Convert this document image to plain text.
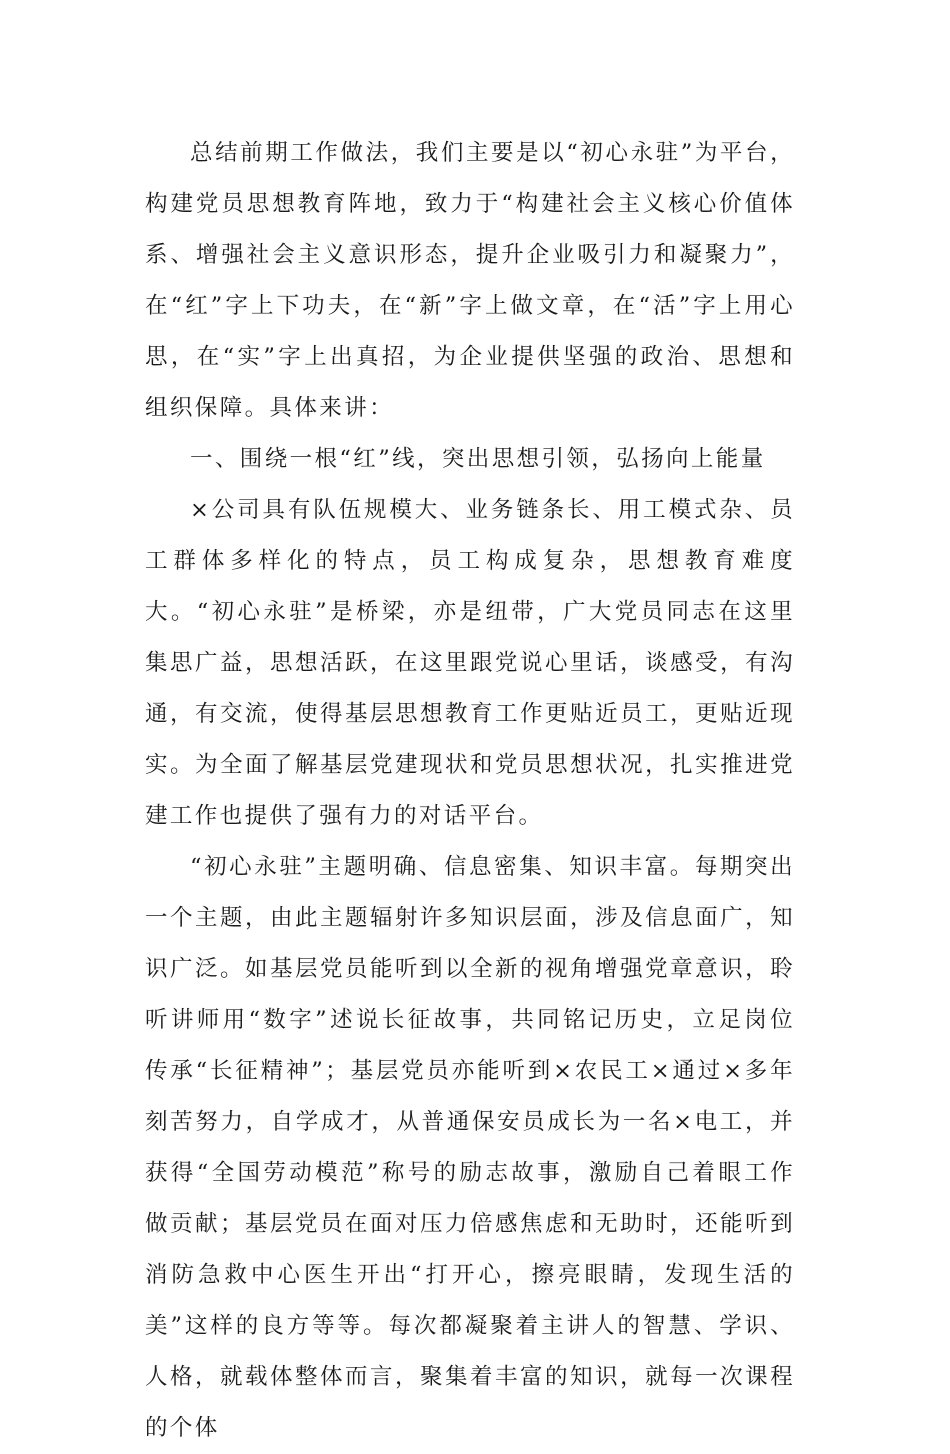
总结前期工作做法，我们主要是以“初心永驻”为平台，构建党员思想教育阵地，致力于“构建社会主义核心价值体系、增强社会主义意识形态，提升企业吸引力和凝聚力”，在“红”字上下功夫，在“新”字上做文章，在“活”字上用心思，在“实”字上出真招，为企业提供坚强的政治、思想和组织保障。具体来讲：

一、围绕一根“红”线，突出思想引领，弘扬向上能量

×公司具有队伍规模大、业务链条长、用工模式杂、员工群体多样化的特点，员工构成复杂，思想教育难度大。“初心永驻”是桥梁，亦是纽带，广大党员同志在这里集思广益，思想活跃，在这里跟党说心里话，谈感受，有沟通，有交流，使得基层思想教育工作更贴近员工，更贴近现实。为全面了解基层党建现状和党员思想状况，扎实推进党建工作也提供了强有力的对话平台。

“初心永驻”主题明确、信息密集、知识丰富。每期突出一个主题，由此主题辐射许多知识层面，涉及信息面广，知识广泛。如基层党员能听到以全新的视角增强党章意识，聆听讲师用“数字”述说长征故事，共同铭记历史，立足岗位传承“长征精神”；基层党员亦能听到×农民工×通过×多年刻苦努力，自学成才，从普通保安员成长为一名×电工，并获得“全国劳动模范”称号的励志故事，激励自己着眼工作做贡献；基层党员在面对压力倍感焦虑和无助时，还能听到消防急救中心医生开出“打开心，擦亮眼睛，发现生活的美”这样的良方等等。每次都凝聚着主讲人的智慧、学识、人格，就载体整体而言，聚集着丰富的知识，就每一次课程的个体
